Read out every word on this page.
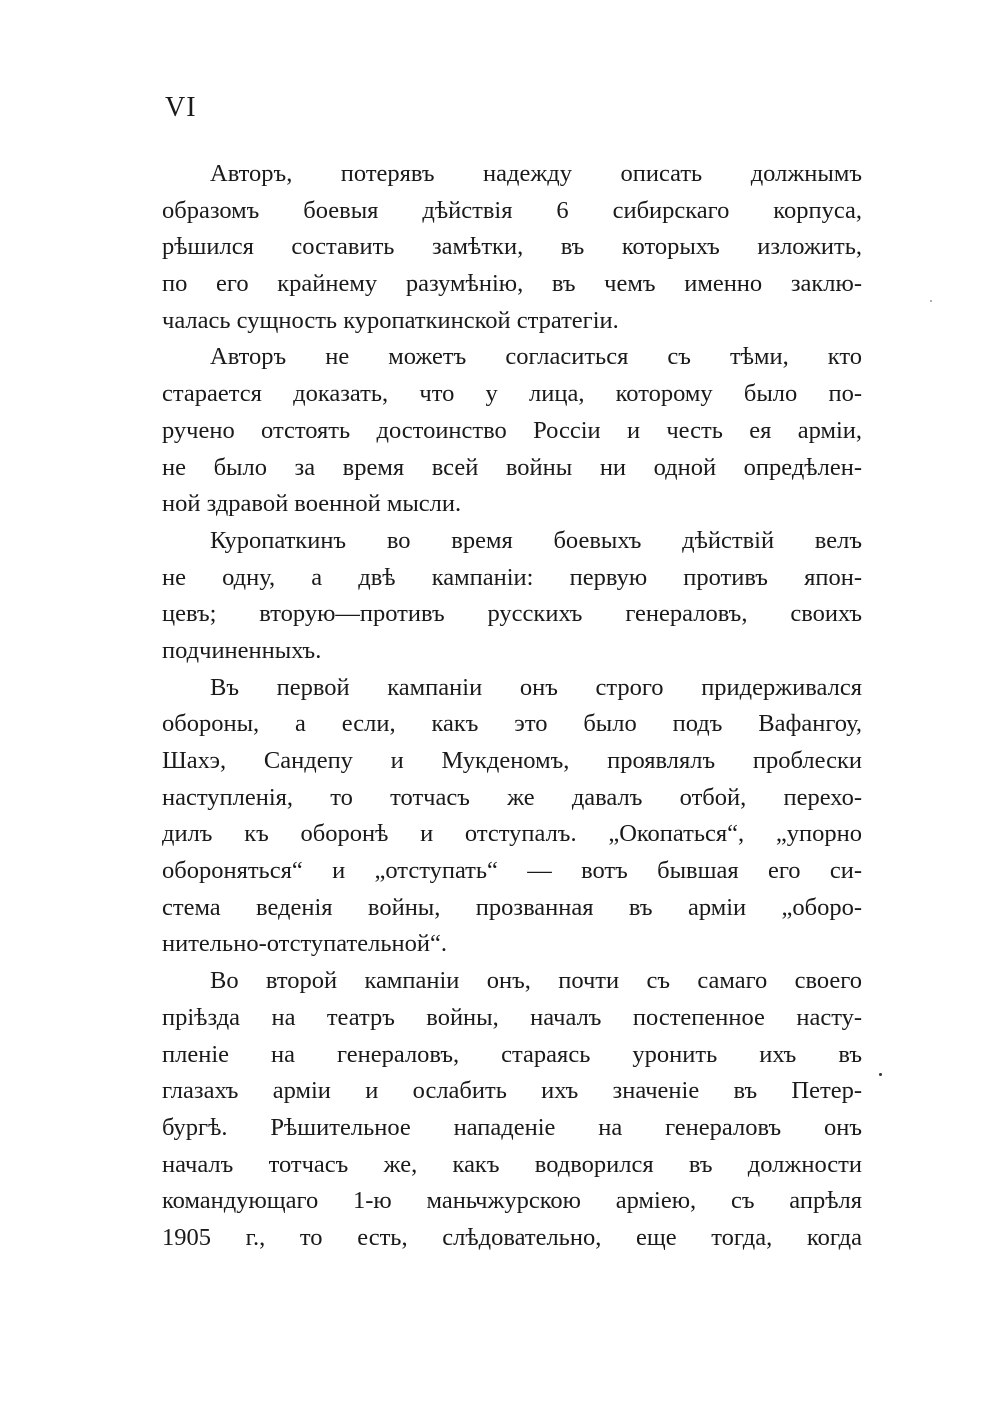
VI
Авторъ, потерявъ надежду описать должнымъ
образомъ боевыя дѣйствія 6 сибирскаго корпуса,
рѣшился составить замѣтки, въ которыхъ изложить,
по его крайнему разумѣнію, въ чемъ именно заклю-
чалась сущность куропаткинской стратегіи.
Авторъ не можетъ согласиться съ тѣми, кто
старается доказать, что у лица, которому было по-
ручено отстоять достоинство Россіи и честь ея арміи,
не было за время всей войны ни одной опредѣлен-
ной здравой военной мысли.
Куропаткинъ во время боевыхъ дѣйствій велъ
не одну, а двѣ кампаніи: первую противъ япон-
цевъ; вторую—противъ русскихъ генераловъ, своихъ
подчиненныхъ.
Въ первой кампаніи онъ строго придерживался
обороны, а если, какъ это было подъ Вафангоу,
Шахэ, Сандепу и Мукденомъ, проявлялъ проблески
наступленія, то тотчасъ же давалъ отбой, перехо-
дилъ къ оборонѣ и отступалъ. „Окопаться“, „упорно
обороняться“ и „отступать“ — вотъ бывшая его си-
стема веденія войны, прозванная въ арміи „оборо-
нительно-отступательной“.
Во второй кампаніи онъ, почти съ самаго своего
пріѣзда на театръ войны, началъ постепенное насту-
пленіе на генераловъ, стараясь уронить ихъ въ
глазахъ арміи и ослабить ихъ значеніе въ Петер-
бургѣ. Рѣшительное нападеніе на генераловъ онъ
началъ тотчасъ же, какъ водворился въ должности
командующаго 1-ю маньчжурскою арміею, съ апрѣля
1905 г., то есть, слѣдовательно, еще тогда, когда
